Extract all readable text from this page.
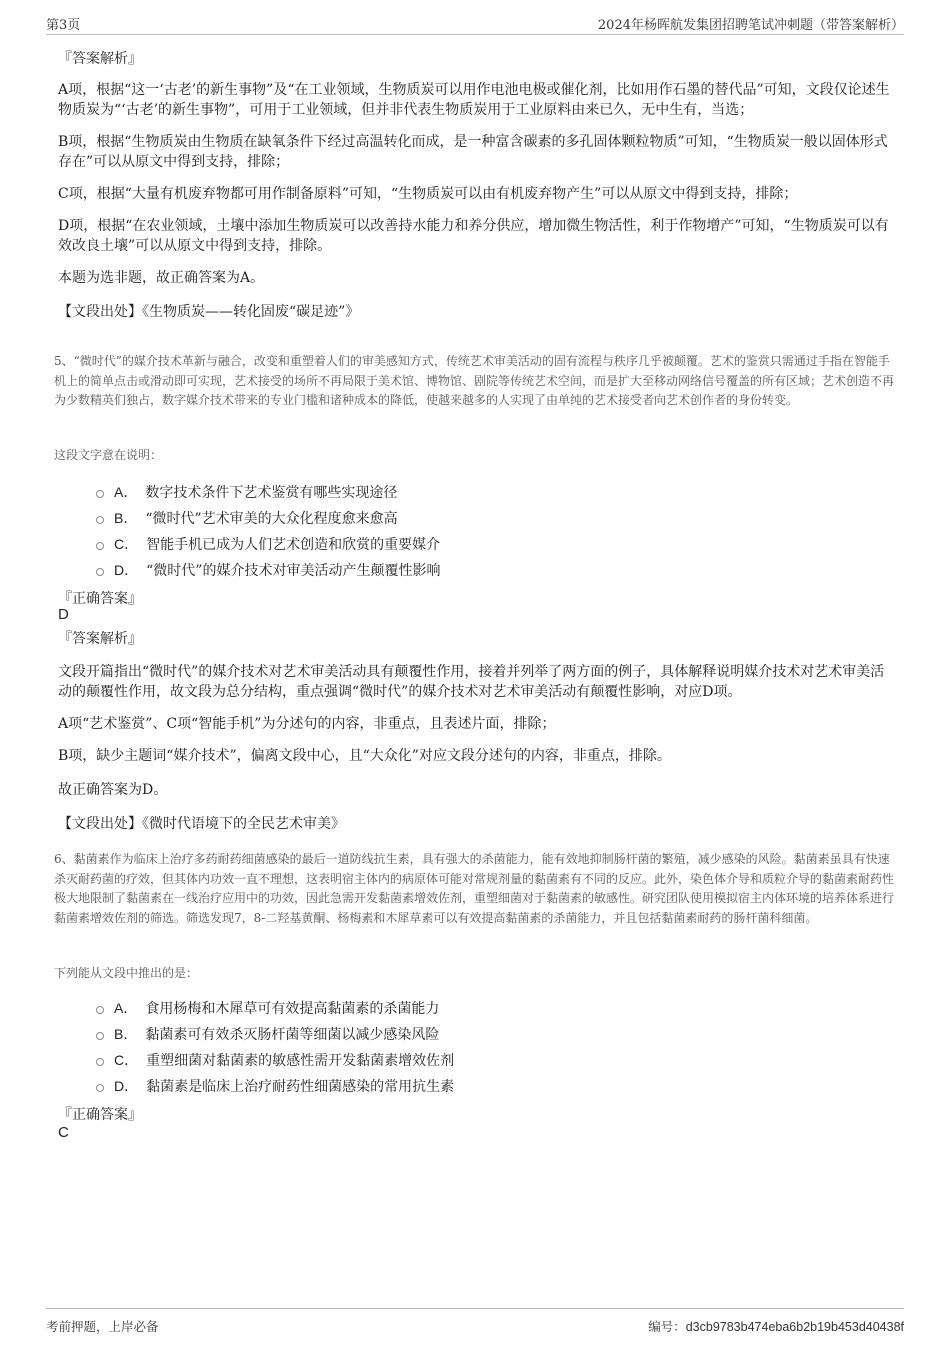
第3页	2024年杨晖航发集团招聘笔试冲刺题（带答案解析）
『答案解析』
A项，根据“这一‘古老’的新生事物”及“在工业领域，生物质炭可以用作电池电极或催化剂，比如用作石墨的替代品”可知，文段仅论述生物质炭为“‘古老’的新生事物”，可用于工业领域，但并非代表生物质炭用于工业原料由来已久，无中生有，当选；
B项，根据“生物质炭由生物质在缺氧条件下经过高温转化而成，是一种富含碳素的多孔固体颗粒物质”可知，“生物质炭一般以固体形式存在”可以从原文中得到支持，排除；
C项，根据“大量有机废弃物都可用作制备原料”可知，“生物质炭可以由有机废弃物产生”可以从原文中得到支持，排除；
D项，根据“在农业领域，土壤中添加生物质炭可以改善持水能力和养分供应，增加微生物活性，利于作物增产”可知，“生物质炭可以有效改良土壤”可以从原文中得到支持，排除。
本题为选非题，故正确答案为A。
【文段出处】《生物质炭——转化固废“碳足迹”》
5、“微时代”的媒介技术革新与融合，改变和重塑着人们的审美感知方式，传统艺术审美活动的固有流程与秩序几乎被颠覆。艺术的鉴赏只需通过手指在智能手机上的简单点击或滑动即可实现，艺术接受的场所不再局限于美术馆、博物馆、剧院等传统艺术空间，而是扩大至移动网络信号覆盖的所有区域；艺术创造不再为少数精英们独占，数字媒介技术带来的专业门槛和诸种成本的降低，使越来越多的人实现了由单纯的艺术接受者向艺术创作者的身份转变。
这段文字意在说明：
A． 数字技术条件下艺术鉴赏有哪些实现途径
B． “微时代”艺术审美的大众化程度愈来愈高
C． 智能手机已成为人们艺术创造和欣赏的重要媒介
D． “微时代”的媒介技术对审美活动产生颠覆性影响
『正确答案』
D
『答案解析』
文段开篇指出“微时代”的媒介技术对艺术审美活动具有颠覆性作用，接着并列举了两方面的例子，具体解释说明媒介技术对艺术审美活动的颠覆性作用，故文段为总分结构，重点强调“微时代”的媒介技术对艺术审美活动有颠覆性影响，对应D项。
A项“艺术鉴赏”、C项“智能手机”为分述句的内容，非重点，且表述片面，排除；
B项，缺少主题词“媒介技术”，偏离文段中心，且“大众化”对应文段分述句的内容，非重点，排除。
故正确答案为D。
【文段出处】《微时代语境下的全民艺术审美》
6、黏菌素作为临床上治疗多药耐药细菌感染的最后一道防线抗生素，具有强大的杀菌能力，能有效地抑制肠杆菌的繁殖，减少感染的风险。黏菌素虽具有快速杀灭耐药菌的疗效，但其体内功效一直不理想，这表明宿主体内的病原体可能对常规剂量的黏菌素有不同的反应。此外，染色体介导和质粒介导的黏菌素耐药性极大地限制了黏菌素在一线治疗应用中的功效，因此急需开发黏菌素增效佐剂，重塑细菌对于黏菌素的敏感性。研究团队使用模拟宿主内体环境的培养体系进行黏菌素增效佐剂的筛选。筛选发现7，8-二羟基黄酮、杨梅素和木犀草素可以有效提高黏菌素的杀菌能力，并且包括黏菌素耐药的肠杆菌科细菌。
下列能从文段中推出的是：
A． 食用杨梅和木犀草可有效提高黏菌素的杀菌能力
B． 黏菌素可有效杀灭肠杆菌等细菌以减少感染风险
C． 重塑细菌对黏菌素的敏感性需开发黏菌素增效佐剂
D． 黏菌素是临床上治疗耐药性细菌感染的常用抗生素
『正确答案』
C
考前押题，上岸必备	编号：d3cb9783b474eba6b2b19b453d40438f
